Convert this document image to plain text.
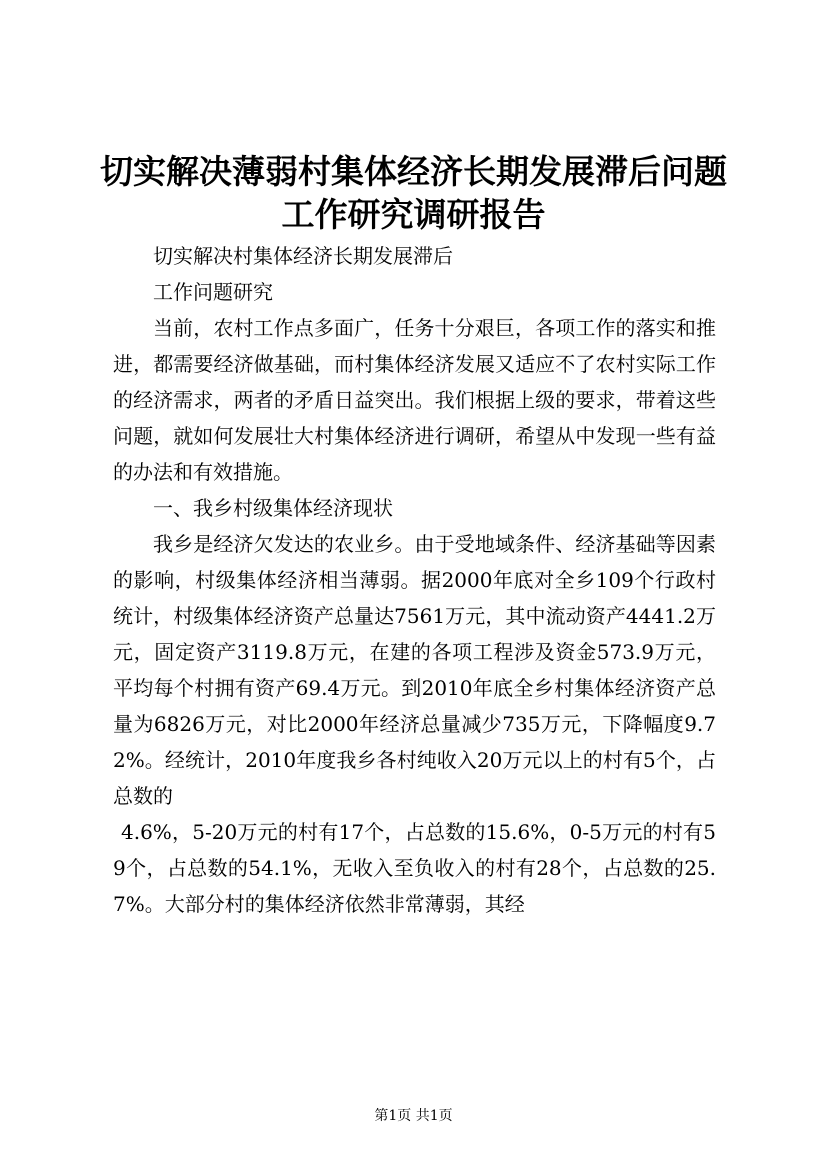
切实解决薄弱村集体经济长期发展滞后问题工作研究调研报告

切实解决村集体经济长期发展滞后

工作问题研究

当前，农村工作点多面广，任务十分艰巨，各项工作的落实和推进，都需要经济做基础，而村集体经济发展又适应不了农村实际工作的经济需求，两者的矛盾日益突出。我们根据上级的要求，带着这些问题，就如何发展壮大村集体经济进行调研，希望从中发现一些有益的办法和有效措施。

一、我乡村级集体经济现状

我乡是经济欠发达的农业乡。由于受地域条件、经济基础等因素的影响，村级集体经济相当薄弱。据2000年底对全乡109个行政村统计，村级集体经济资产总量达7561万元，其中流动资产4441.2万元，固定资产3119.8万元，在建的各项工程涉及资金573.9万元，平均每个村拥有资产69.4万元。到2010年底全乡村集体经济资产总量为6826万元，对比2000年经济总量减少735万元，下降幅度9.72%。经统计，2010年度我乡各村纯收入20万元以上的村有5个，占总数的

4.6%，5-20万元的村有17个，占总数的15.6%，0-5万元的村有59个，占总数的54.1%，无收入至负收入的村有28个，占总数的25.7%。大部分村的集体经济依然非常薄弱，其经

第1页 共1页
